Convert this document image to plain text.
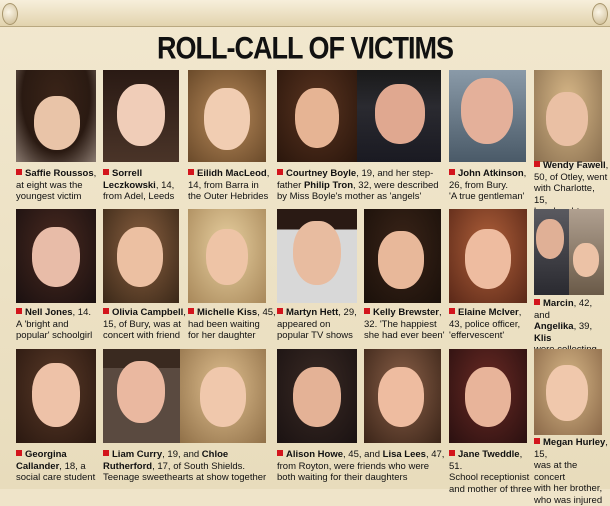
ROLL-CALL OF VICTIMS
Saffie Roussos,
at eight was the
youngest victim
Sorrell
Leczkowski, 14,
from Adel, Leeds
Eilidh MacLeod,
14, from Barra in
the Outer Hebrides
Courtney Boyle, 19, and her step-
father Philip Tron, 32, were described
by Miss Boyle's mother as 'angels'
John Atkinson,
26, from Bury.
'A true gentleman'
Wendy Fawell,
50, of Otley, went
with Charlotte, 15,

Nell Jones, 14.
A 'bright and
popular' schoolgirl
Olivia Campbell,
15, of Bury, was at
concert with friend
Michelle Kiss, 45,
had been waiting
for her daughter
Martyn Hett, 29,
appeared on
popular TV shows
Kelly Brewster,
32. 'The happiest
she had ever been'
Elaine McIver,
43, police officer,
'effervescent'
Marcin, 42, and
Angelika, 39, Klis

Georgina
Callander, 18, a
social care student
Liam Curry, 19, and Chloe
Rutherford, 17, of South Shields.
Teenage sweethearts at show together
Alison Howe, 45, and Lisa Lees, 47,
from Royton, were friends who were
both waiting for their daughters
Jane Tweddle, 51.
School receptionist
and mother of three
Megan Hurley, 15,
was at the concert
with her brother,
who was injured
